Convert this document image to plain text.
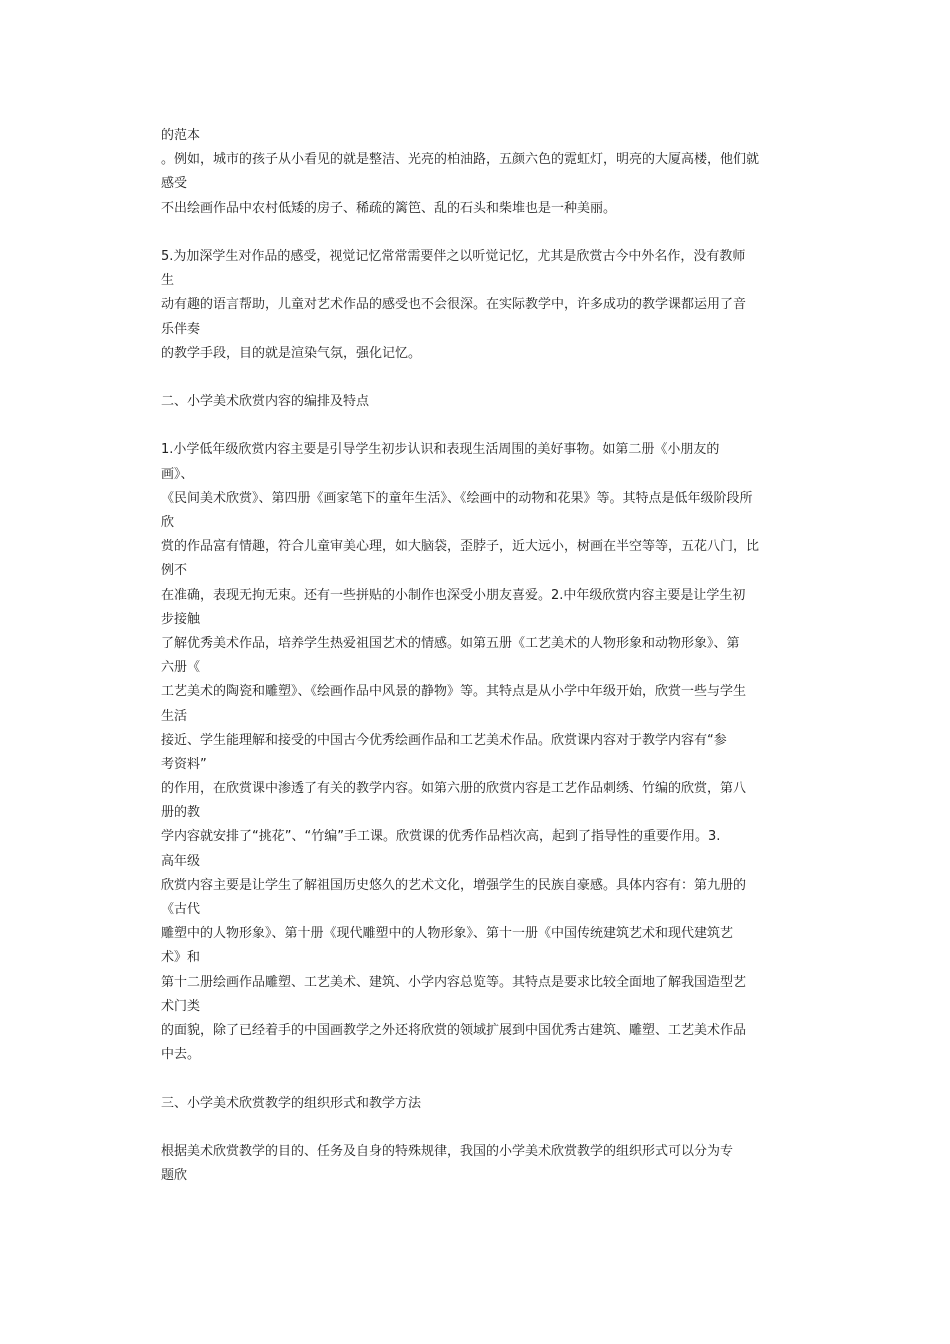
的范本
。例如，城市的孩子从小看见的就是整洁、光亮的柏油路，五颜六色的霓虹灯，明亮的大厦高楼，他们就
感受
不出绘画作品中农村低矮的房子、稀疏的篱笆、乱的石头和柴堆也是一种美丽。
5.为加深学生对作品的感受，视觉记忆常常需要伴之以听觉记忆，尤其是欣赏古今中外名作，没有教师
生
动有趣的语言帮助，儿童对艺术作品的感受也不会很深。在实际教学中，许多成功的教学课都运用了音
乐伴奏
的教学手段，目的就是渲染气氛，强化记忆。
二、小学美术欣赏内容的编排及特点
1.小学低年级欣赏内容主要是引导学生初步认识和表现生活周围的美好事物。如第二册《小朋友的
画》、
《民间美术欣赏》、第四册《画家笔下的童年生活》、《绘画中的动物和花果》等。其特点是低年级阶段所
欣
赏的作品富有情趣，符合儿童审美心理，如大脑袋，歪脖子，近大远小，树画在半空等等，五花八门，比
例不
在准确，表现无拘无束。还有一些拼贴的小制作也深受小朋友喜爱。2.中年级欣赏内容主要是让学生初
步接触
了解优秀美术作品，培养学生热爱祖国艺术的情感。如第五册《工艺美术的人物形象和动物形象》、第
六册《
工艺美术的陶瓷和雕塑》、《绘画作品中风景的静物》等。其特点是从小学中年级开始，欣赏一些与学生
生活
接近、学生能理解和接受的中国古今优秀绘画作品和工艺美术作品。欣赏课内容对于教学内容有“参
考资料”
的作用，在欣赏课中渗透了有关的教学内容。如第六册的欣赏内容是工艺作品刺绣、竹编的欣赏，第八
册的教
学内容就安排了“挑花”、“竹编”手工课。欣赏课的优秀作品档次高，起到了指导性的重要作用。3.
高年级
欣赏内容主要是让学生了解祖国历史悠久的艺术文化，增强学生的民族自豪感。具体内容有：第九册的
《古代
雕塑中的人物形象》、第十册《现代雕塑中的人物形象》、第十一册《中国传统建筑艺术和现代建筑艺
术》和
第十二册绘画作品雕塑、工艺美术、建筑、小学内容总览等。其特点是要求比较全面地了解我国造型艺
术门类
的面貌，除了已经着手的中国画教学之外还将欣赏的领域扩展到中国优秀古建筑、雕塑、工艺美术作品
中去。
三、小学美术欣赏教学的组织形式和教学方法
根据美术欣赏教学的目的、任务及自身的特殊规律，我国的小学美术欣赏教学的组织形式可以分为专
题欣
